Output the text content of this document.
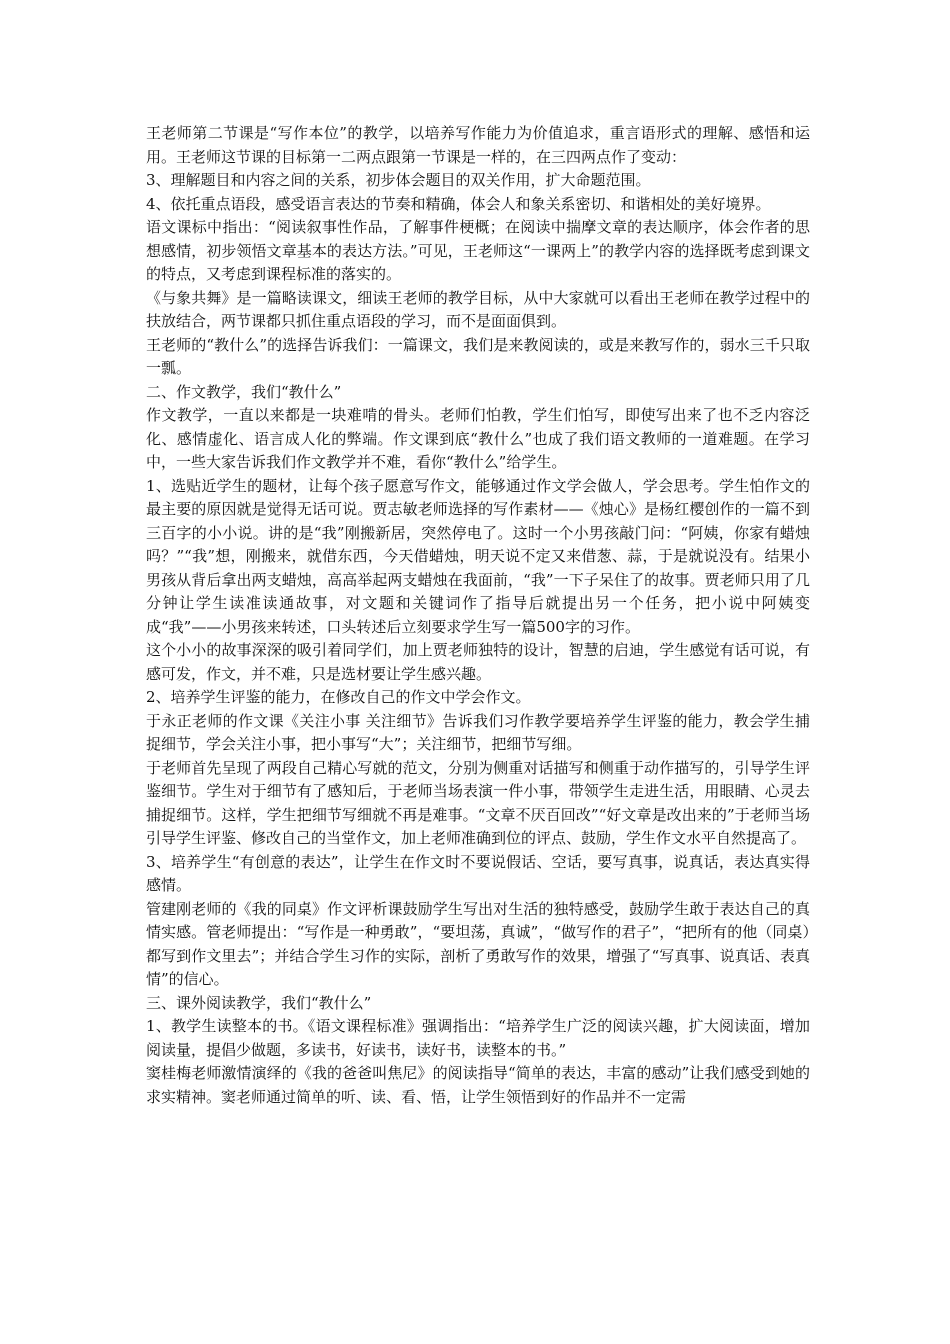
王老师第二节课是“写作本位”的教学，以培养写作能力为价值追求，重言语形式的理解、感悟和运用。王老师这节课的目标第一二两点跟第一节课是一样的，在三四两点作了变动：

3、理解题目和内容之间的关系，初步体会题目的双关作用，扩大命题范围。

4、依托重点语段，感受语言表达的节奏和精确，体会人和象关系密切、和谐相处的美好境界。

语文课标中指出：“阅读叙事性作品，了解事件梗概；在阅读中揣摩文章的表达顺序，体会作者的思想感情，初步领悟文章基本的表达方法。”可见，王老师这“一课两上”的教学内容的选择既考虑到课文的特点，又考虑到课程标准的落实的。

《与象共舞》是一篇略读课文，细读王老师的教学目标，从中大家就可以看出王老师在教学过程中的扶放结合，两节课都只抓住重点语段的学习，而不是面面俱到。

王老师的“教什么”的选择告诉我们：一篇课文，我们是来教阅读的，或是来教写作的，弱水三千只取一瓢。

二、作文教学，我们“教什么”

作文教学，一直以来都是一块难啃的骨头。老师们怕教，学生们怕写，即使写出来了也不乏内容泛化、感情虚化、语言成人化的弊端。作文课到底“教什么”也成了我们语文教师的一道难题。在学习中，一些大家告诉我们作文教学并不难，看你“教什么”给学生。

1、选贴近学生的题材，让每个孩子愿意写作文，能够通过作文学会做人，学会思考。学生怕作文的最主要的原因就是觉得无话可说。贾志敏老师选择的写作素材——《烛心》是杨红樱创作的一篇不到三百字的小小说。讲的是“我”刚搬新居，突然停电了。这时一个小男孩敲门问：“阿姨，你家有蜡烛吗？”“我”想，刚搬来，就借东西，今天借蜡烛，明天说不定又来借葱、蒜，于是就说没有。结果小男孩从背后拿出两支蜡烛，高高举起两支蜡烛在我面前，“我”一下子呆住了的故事。贾老师只用了几分钟让学生读准读通故事，对文题和关键词作了指导后就提出另一个任务，把小说中阿姨变成“我”——小男孩来转述，口头转述后立刻要求学生写一篇500字的习作。

这个小小的故事深深的吸引着同学们，加上贾老师独特的设计，智慧的启迪，学生感觉有话可说，有感可发，作文，并不难，只是选材要让学生感兴趣。

2、培养学生评鉴的能力，在修改自己的作文中学会作文。

于永正老师的作文课《关注小事 关注细节》告诉我们习作教学要培养学生评鉴的能力，教会学生捕捉细节，学会关注小事，把小事写“大”；关注细节，把细节写细。

于老师首先呈现了两段自己精心写就的范文，分别为侧重对话描写和侧重于动作描写的，引导学生评鉴细节。学生对于细节有了感知后，于老师当场表演一件小事，带领学生走进生活，用眼睛、心灵去捕捉细节。这样，学生把细节写细就不再是难事。“文章不厌百回改”“好文章是改出来的”于老师当场引导学生评鉴、修改自己的当堂作文，加上老师准确到位的评点、鼓励，学生作文水平自然提高了。

3、培养学生“有创意的表达”，让学生在作文时不要说假话、空话，要写真事，说真话，表达真实得感情。

管建刚老师的《我的同桌》作文评析课鼓励学生写出对生活的独特感受，鼓励学生敢于表达自己的真情实感。管老师提出：“写作是一种勇敢”，“要坦荡，真诚”，“做写作的君子”，“把所有的他（同桌）都写到作文里去”；并结合学生习作的实际，剖析了勇敢写作的效果，增强了“写真事、说真话、表真情”的信心。

三、课外阅读教学，我们“教什么”

1、教学生读整本的书。《语文课程标准》强调指出：“培养学生广泛的阅读兴趣，扩大阅读面，增加阅读量，提倡少做题，多读书，好读书，读好书，读整本的书。”

窦桂梅老师激情演绎的《我的爸爸叫焦尼》的阅读指导“简单的表达，丰富的感动”让我们感受到她的求实精神。窦老师通过简单的听、读、看、悟，让学生领悟到好的作品并不一定需
